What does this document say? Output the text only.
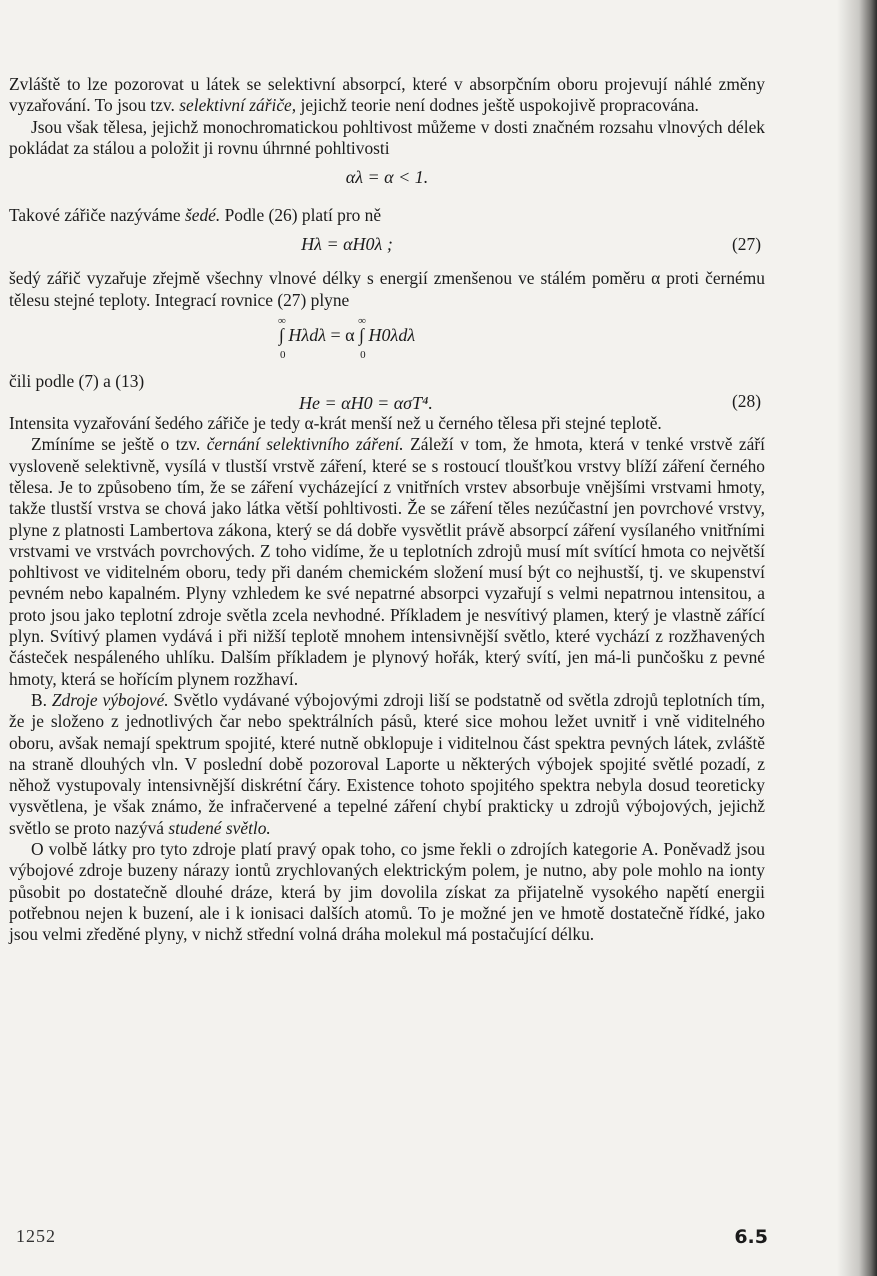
Zvláště to lze pozorovat u látek se selektivní absorpcí, které v absorpčním oboru projevují náhlé změny vyzařování. To jsou tzv. selektivní zářiče, jejichž teorie není dodnes ještě uspokojivě propracována.

Jsou však tělesa, jejichž monochromatickou pohltivost můžeme v dosti značném rozsahu vlnových délek pokládat za stálou a položit ji rovnu úhrnné pohltivosti

αλ = α < 1.

Takové zářiče nazýváme šedé. Podle (26) platí pro ně

Hλ = αH0λ ;	(27)

šedý zářič vyzařuje zřejmě všechny vlnové délky s energií zmenšenou ve stálém poměru α proti černému tělesu stejné teploty. Integrací rovnice (27) plyne

∞
0
∫ Hλdλ = α
∞
0
∫ H0λdλ
čili podle (7) a (13)
He = αH0 = ασT⁴.	(28)

Intensita vyzařování šedého zářiče je tedy α-krát menší než u černého tělesa při stejné teplotě.

Zmíníme se ještě o tzv. černání selektivního záření. Záleží v tom, že hmota, která v tenké vrstvě září vysloveně selektivně, vysílá v tlustší vrstvě záření, které se s rostoucí tloušťkou vrstvy blíží záření černého tělesa. Je to způsobeno tím, že se záření vycházející z vnitřních vrstev absorbuje vnějšími vrstvami hmoty, takže tlustší vrstva se chová jako látka větší pohltivosti. Že se záření těles nezúčastní jen povrchové vrstvy, plyne z platnosti Lambertova zákona, který se dá dobře vysvětlit právě absorpcí záření vysílaného vnitřními vrstvami ve vrstvách povrchových. Z toho vidíme, že u teplotních zdrojů musí mít svítící hmota co největší pohltivost ve viditelném oboru, tedy při daném chemickém složení musí být co nejhustší, tj. ve skupenství pevném nebo kapalném. Plyny vzhledem ke své nepatrné absorpci vyzařují s velmi nepatrnou intensitou, a proto jsou jako teplotní zdroje světla zcela nevhodné. Příkladem je nesvítivý plamen, který je vlastně zářící plyn. Svítivý plamen vydává i při nižší teplotě mnohem intensivnější světlo, které vychází z rozžhavených částeček nespáleného uhlíku. Dalším příkladem je plynový hořák, který svítí, jen má-li punčošku z pevné hmoty, která se hořícím plynem rozžhaví.

B. Zdroje výbojové. Světlo vydávané výbojovými zdroji liší se podstatně od světla zdrojů teplotních tím, že je složeno z jednotlivých čar nebo spektrálních pásů, které sice mohou ležet uvnitř i vně viditelného oboru, avšak nemají spektrum spojité, které nutně obklopuje i viditelnou část spektra pevných látek, zvláště na straně dlouhých vln. V poslední době pozoroval Laporte u některých výbojek spojité světlé pozadí, z něhož vystupovaly intensivnější diskrétní čáry. Existence tohoto spojitého spektra nebyla dosud teoreticky vysvětlena, je však známo, že infračervené a tepelné záření chybí prakticky u zdrojů výbojových, jejichž světlo se proto nazývá studené světlo.

O volbě látky pro tyto zdroje platí pravý opak toho, co jsme řekli o zdrojích kategorie A. Poněvadž jsou výbojové zdroje buzeny nárazy iontů zrychlovaných elektrickým polem, je nutno, aby pole mohlo na ionty působit po dostatečně dlouhé dráze, která by jim dovolila získat za přijatelně vysokého napětí energii potřebnou nejen k buzení, ale i k ionisaci dalších atomů. To je možné jen ve hmotě dostatečně řídké, jako jsou velmi zředěné plyny, v nichž střední volná dráha molekul má postačující délku.

1252	6.5
